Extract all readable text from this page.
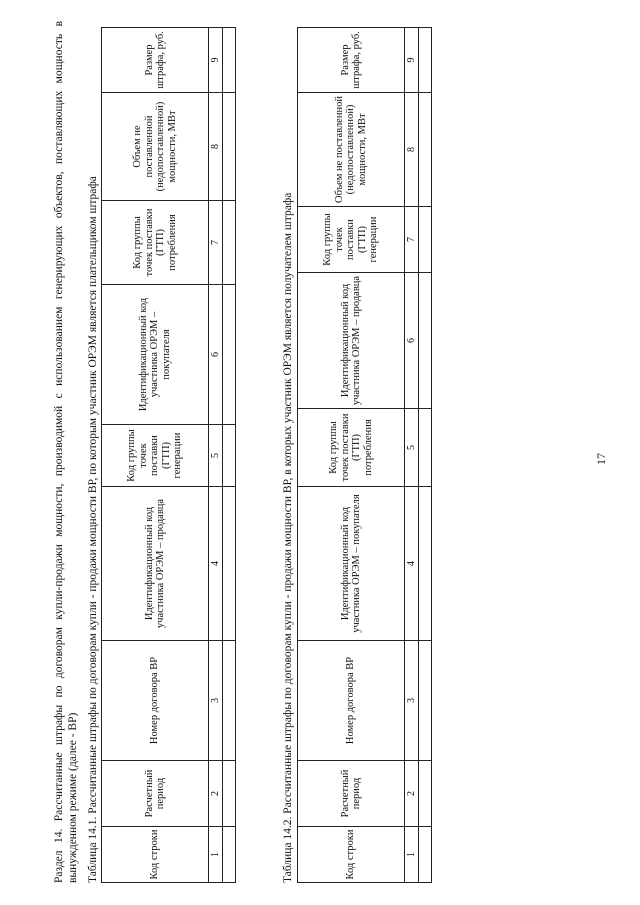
17
Раздел 14. Рассчитанные штрафы по договорам купли-продажи мощности, производимой с использованием генерирующих объектов, поставляющих мощность в вынужденном режиме (далее - ВР) Таблица 14.1. Рассчитанные штрафы по договорам купли - продажи мощности ВР, по которым участник ОРЭМ является плательщиком штрафа	Код строки	Расчетный период	Номер договора ВР	Идентификационный код участника ОРЭМ – продавца	Код группы точек поставки (ГТП) генерации	Идентификационный код участника ОРЭМ – покупателя	Код группы точек поставки (ГТП) потребления	Объем не поставленной (недопоставленной) мощности, МВт	Размер штрафа, руб.
1	2	3	4	5	6	7	8	9

Таблица 14.2. Рассчитанные штрафы по договорам купли - продажи мощности ВР, в которых участник ОРЭМ является получателем штрафа	Код строки	Расчетный период	Номер договора ВР	Идентификационный код участника ОРЭМ – покупателя	Код группы точек поставки (ГТП) потребления	Идентификационный код участника ОРЭМ – продавца	Код группы точек поставки (ГТП) генерации	Объем не поставленной (недопоставленной) мощности, МВт	Размер штрафа, руб.
1	2	3	4	5	6	7	8	9
